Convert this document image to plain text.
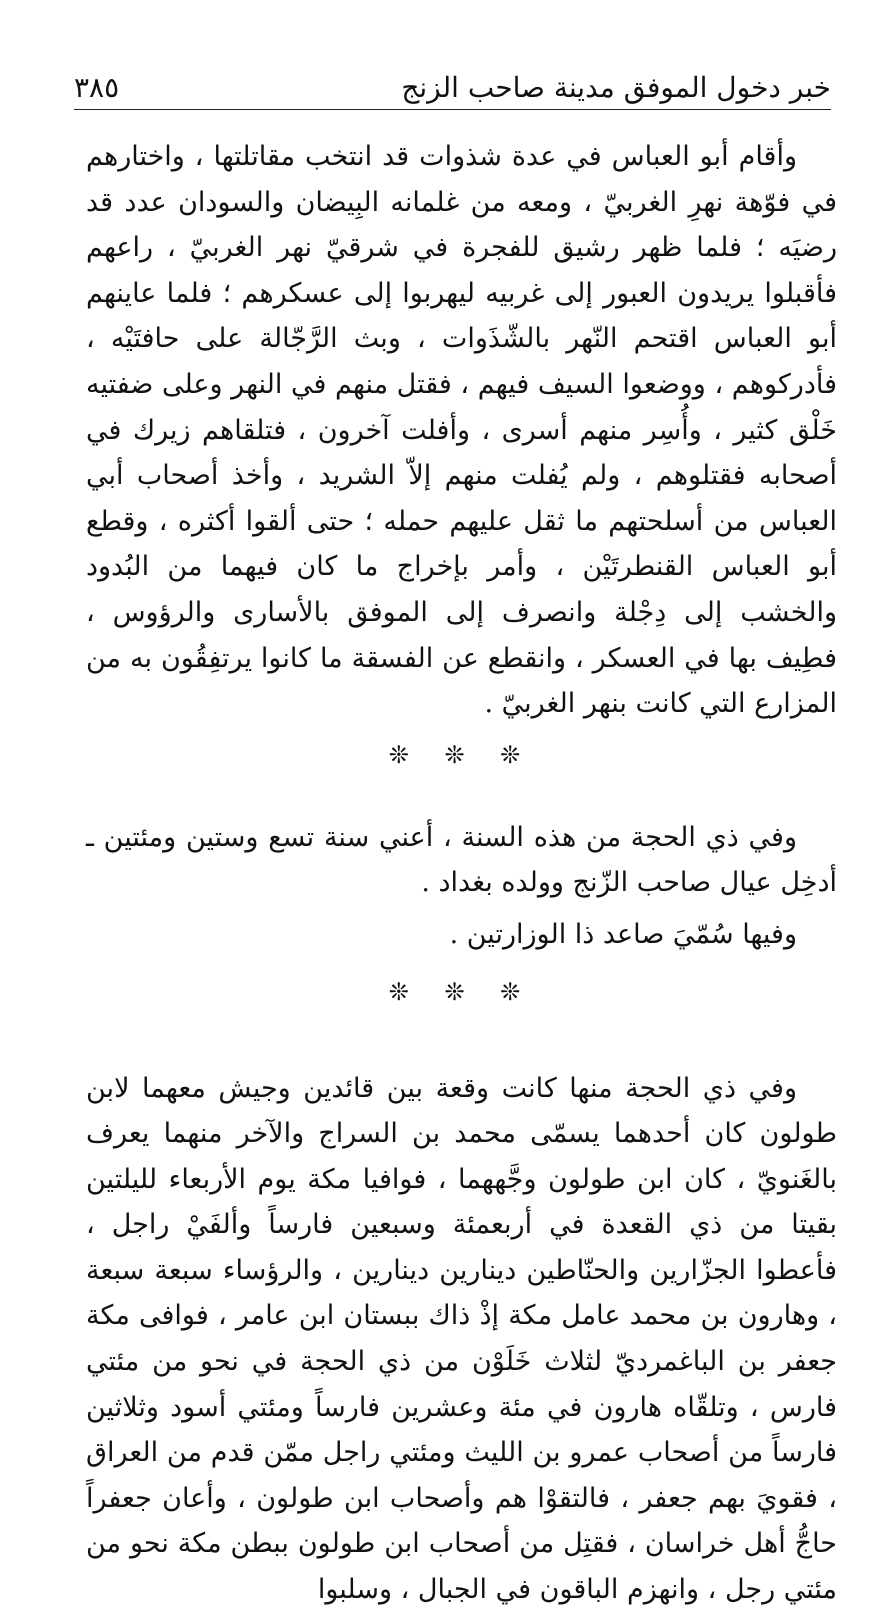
خبر دخول الموفق مدينة صاحب الزنج
٣٨٥

وأقام أبو العباس في عدة شذوات قد انتخب مقاتلتها ، واختارهم في فوّهة نهرِ الغربيّ ، ومعه من غلمانه البِيضان والسودان عدد قد رضيَه ؛ فلما ظهر رشيق للفجرة في شرقيّ نهر الغربيّ ، راعهم فأقبلوا يريدون العبور إلى غربيه ليهربوا إلى عسكرهم ؛ فلما عاينهم أبو العباس اقتحم النّهر بالشّذَوات ، وبث الرَّجّالة على حافتَيْه ، فأدركوهم ، ووضعوا السيف فيهم ، فقتل منهم في النهر وعلى ضفتيه خَلْق كثير ، وأُسِر منهم أسرى ، وأفلت آخرون ، فتلقاهم زيرك في أصحابه فقتلوهم ، ولم يُفلت منهم إلاّ الشريد ، وأخذ أصحاب أبي العباس من أسلحتهم ما ثقل عليهم حمله ؛ حتى ألقوا أكثره ، وقطع أبو العباس القنطرتَيْن ، وأمر بإخراج ما كان فيهما من البُدود والخشب إلى دِجْلة وانصرف إلى الموفق بالأسارى والرؤوس ، فطِيف بها في العسكر ، وانقطع عن الفسقة ما كانوا يرتفِقُون به من المزارع التي كانت بنهر الغربيّ .

❊ ❊ ❊

وفي ذي الحجة من هذه السنة ، أعني سنة تسع وستين ومئتين ـ أدخِل عيال صاحب الزّنج وولده بغداد .

وفيها سُمّيَ صاعد ذا الوزارتين .

❊ ❊ ❊

وفي ذي الحجة منها كانت وقعة بين قائدين وجيش معهما لابن طولون كان أحدهما يسمّى محمد بن السراج والآخر منهما يعرف بالغَنويّ ، كان ابن طولون وجَّههما ، فوافيا مكة يوم الأربعاء لليلتين بقيتا من ذي القعدة في أربعمئة وسبعين فارساً وألفَيْ راجل ، فأعطوا الجزّارين والحنّاطين دينارين دينارين ، والرؤساء سبعة سبعة ، وهارون بن محمد عامل مكة إذْ ذاك ببستان ابن عامر ، فوافى مكة جعفر بن الباغمرديّ لثلاث خَلَوْن من ذي الحجة في نحو من مئتي فارس ، وتلقّاه هارون في مئة وعشرين فارساً ومئتي أسود وثلاثين فارساً من أصحاب عمرو بن الليث ومئتي راجل ممّن قدم من العراق ، فقويَ بهم جعفر ، فالتقوْا هم وأصحاب ابن طولون ، وأعان جعفراً حاجُّ أهل خراسان ، فقتِل من أصحاب ابن طولون ببطن مكة نحو من مئتي رجل ، وانهزم الباقون في الجبال ، وسلبوا
